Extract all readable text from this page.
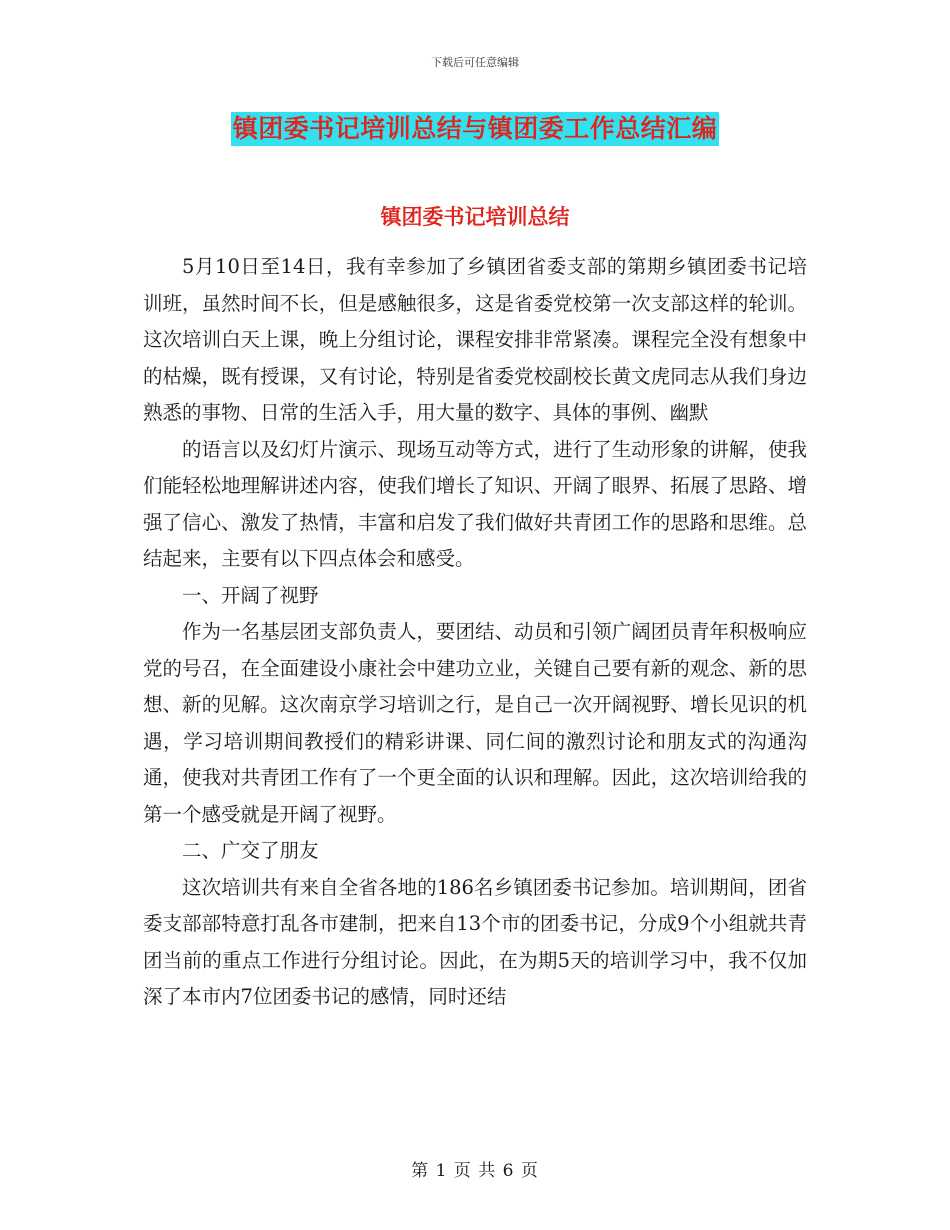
下载后可任意编辑
镇团委书记培训总结与镇团委工作总结汇编
镇团委书记培训总结

5月10日至14日，我有幸参加了乡镇团省委支部的第期乡镇团委书记培训班，虽然时间不长，但是感触很多，这是省委党校第一次支部这样的轮训。这次培训白天上课，晚上分组讨论，课程安排非常紧凑。课程完全没有想象中的枯燥，既有授课，又有讨论，特别是省委党校副校长黄文虎同志从我们身边熟悉的事物、日常的生活入手，用大量的数字、具体的事例、幽默

的语言以及幻灯片演示、现场互动等方式，进行了生动形象的讲解，使我们能轻松地理解讲述内容，使我们增长了知识、开阔了眼界、拓展了思路、增强了信心、激发了热情，丰富和启发了我们做好共青团工作的思路和思维。总结起来，主要有以下四点体会和感受。

一、开阔了视野

作为一名基层团支部负责人，要团结、动员和引领广阔团员青年积极响应党的号召，在全面建设小康社会中建功立业，关键自己要有新的观念、新的思想、新的见解。这次南京学习培训之行，是自己一次开阔视野、增长见识的机遇，学习培训期间教授们的精彩讲课、同仁间的激烈讨论和朋友式的沟通沟通，使我对共青团工作有了一个更全面的认识和理解。因此，这次培训给我的第一个感受就是开阔了视野。

二、广交了朋友

这次培训共有来自全省各地的186名乡镇团委书记参加。培训期间，团省委支部部特意打乱各市建制，把来自13个市的团委书记，分成9个小组就共青团当前的重点工作进行分组讨论。因此，在为期5天的培训学习中，我不仅加深了本市内7位团委书记的感情，同时还结

第 1 页 共 6 页
